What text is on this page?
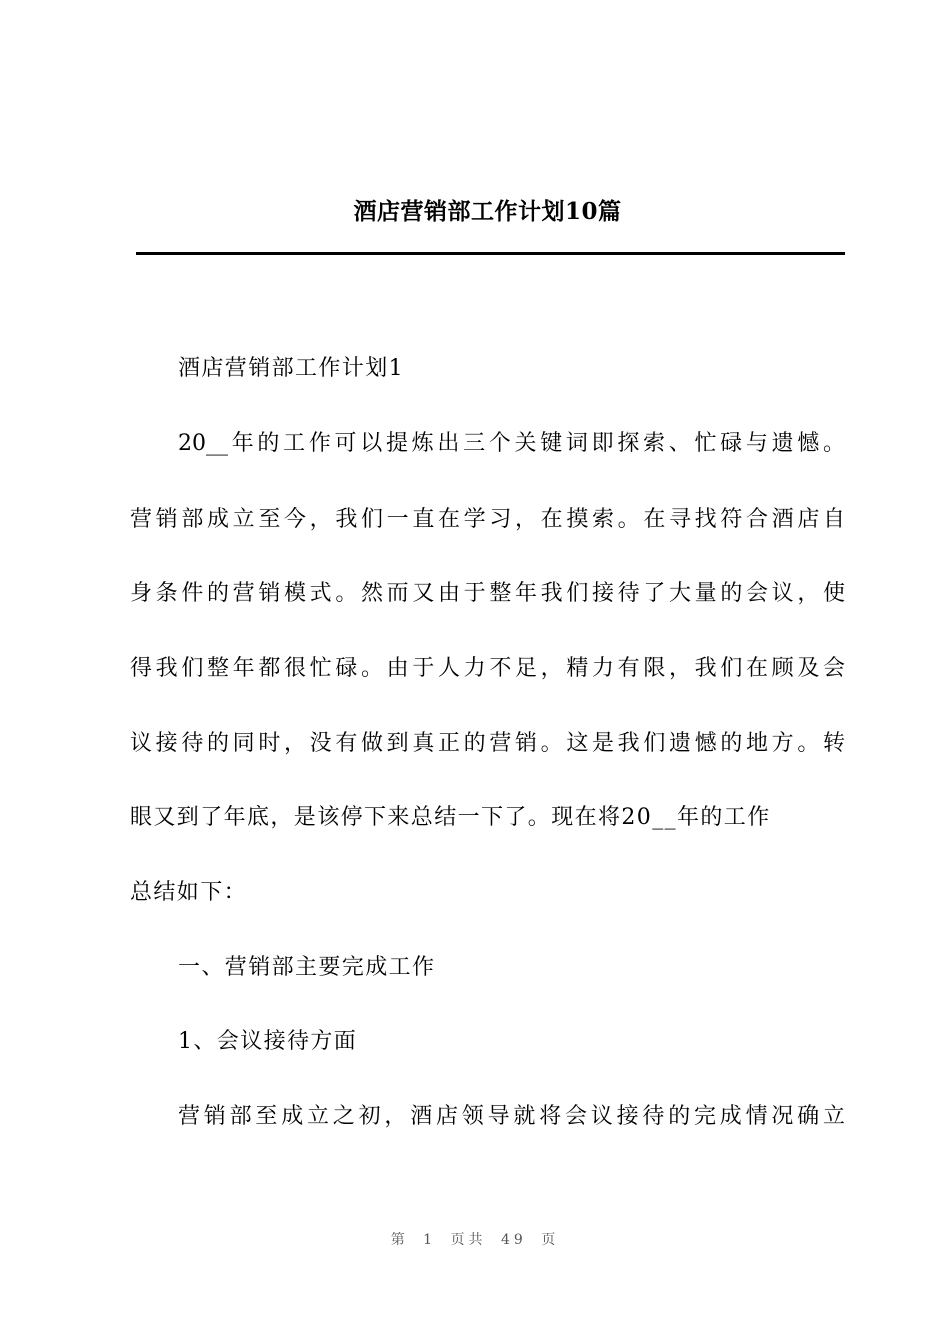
酒店营销部工作计划10篇
酒店营销部工作计划1
20__年的工作可以提炼出三个关键词即探索、忙碌与遗憾。
营销部成立至今，我们一直在学习，在摸索。在寻找符合酒店自
身条件的营销模式。然而又由于整年我们接待了大量的会议，使
得我们整年都很忙碌。由于人力不足，精力有限，我们在顾及会
议接待的同时，没有做到真正的营销。这是我们遗憾的地方。转
眼又到了年底，是该停下来总结一下了。现在将20__年的工作
总结如下：
一、营销部主要完成工作
1、会议接待方面
营销部至成立之初，酒店领导就将会议接待的完成情况确立
第 1 页共 49 页
